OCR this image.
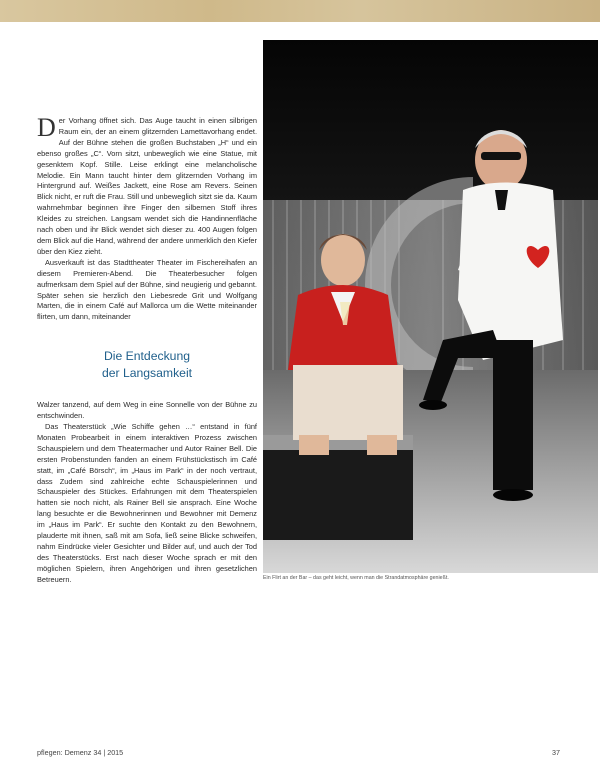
Der Vorhang öffnet sich. Das Auge taucht in einen silbrigen Raum ein, der an einem glitzernden Lamettavorhang endet. Auf der Bühne stehen die großen Buchstaben „H“ und ein ebenso großes „C“. Vorn sitzt, unbeweglich wie eine Statue, mit gesenktem Kopf. Stille. Leise erklingt eine melancholische Melodie. Ein Mann taucht hinter dem glitzernden Vorhang im Hintergrund auf. Weißes Jackett, eine Rose am Revers. Seinen Blick nicht, er ruft die Frau. Still und unbeweglich sitzt sie da. Kaum wahrnehmbar beginnen ihre Finger den silbernen Stoff ihres Kleides zu streichen. Langsam wendet sich die Handinnenfläche nach oben und ihr Blick wendet sich dieser zu. 400 Augen folgen dem Blick auf die Hand, während der andere unmerklich den Kiefer über den Kiez zieht.

Ausverkauft ist das Stadttheater Theater im Fischereihafen an diesem Premieren-Abend. Die Theaterbesucher folgen aufmerksam dem Spiel auf der Bühne, sind neugierig und gebannt. Später sehen sie herzlich den Liebesrede Grit und Wolfgang Marten, die in einem Café auf Mallorca um die Wette miteinander flirten, um dann, miteinander

Die Entdeckung
der Langsamkeit

Walzer tanzend, auf dem Weg in eine Sonnelle von der Bühne zu entschwinden.

Das Theaterstück „Wie Schiffe gehen …“ entstand in fünf Monaten Probearbeit in einem interaktiven Prozess zwischen Schauspielern und dem Theatermacher und Autor Rainer Bell. Die ersten Probenstunden fanden an einem Frühstückstisch im Café statt, im „Café Börsch“, im „Haus im Park“ in der noch vertraut, dass Zudem sind zahlreiche echte Schauspielerinnen und Schauspieler des Stückes. Erfahrungen mit dem Theaterspielen hatten sie noch nicht, als Rainer Bell sie ansprach. Eine Woche lang besuchte er die Bewohnerinnen und Bewohner mit Demenz im „Haus im Park“. Er suchte den Kontakt zu den Bewohnern, plauderte mit ihnen, saß mit am Sofa, ließ seine Blicke schweifen, nahm Eindrücke vieler Gesichter und Bilder auf, und auch der Tod des Theaterstücks. Erst nach dieser Woche sprach er mit den möglichen Spielern, ihren Angehörigen und ihren gesetzlichen Betreuern.	Ein Flirt an der Bar – das geht leicht, wenn man die Strandatmosphäre genießt.
pflegen: Demenz 34 | 2015	37
